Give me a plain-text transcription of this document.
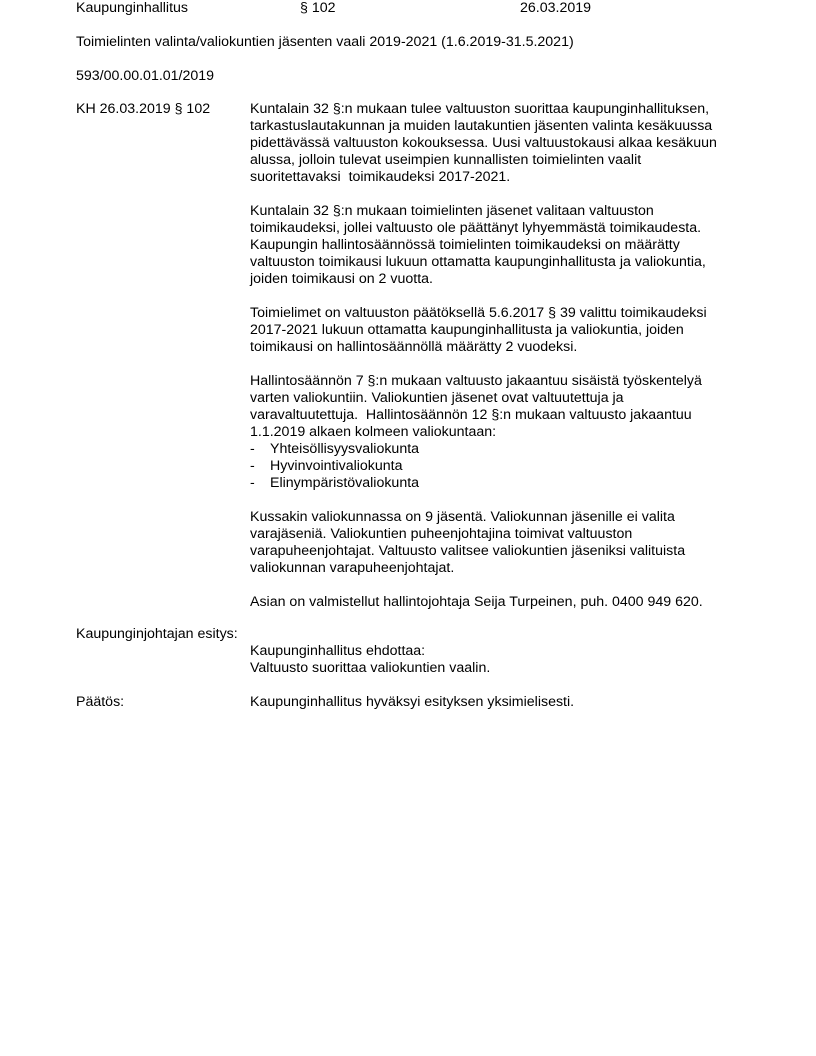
Kaupunginhallitus	§ 102	26.03.2019
Toimielinten valinta/valiokuntien jäsenten vaali 2019-2021 (1.6.2019-31.5.2021)
593/00.00.01.01/2019
KH 26.03.2019 § 102	Kuntalain 32 §:n mukaan tulee valtuuston suorittaa kaupunginhallituksen,
tarkastuslautakunnan ja muiden lautakuntien jäsenten valinta kesäkuussa
pidettävässä valtuuston kokouksessa. Uusi valtuustokausi alkaa kesäkuun
alussa, jolloin tulevat useimpien kunnallisten toimielinten vaalit
suoritettavaksi  toimikaudeksi 2017-2021.
Kuntalain 32 §:n mukaan toimielinten jäsenet valitaan valtuuston
toimikaudeksi, jollei valtuusto ole päättänyt lyhyemmästä toimikaudesta.
Kaupungin hallintosäännössä toimielinten toimikaudeksi on määrätty
valtuuston toimikausi lukuun ottamatta kaupunginhallitusta ja valiokuntia,
joiden toimikausi on 2 vuotta.
Toimielimet on valtuuston päätöksellä 5.6.2017 § 39 valittu toimikaudeksi
2017-2021 lukuun ottamatta kaupunginhallitusta ja valiokuntia, joiden
toimikausi on hallintosäännöllä määrätty 2 vuodeksi.
Hallintosäännön 7 §:n mukaan valtuusto jakaantuu sisäistä työskentelyä
varten valiokuntiin. Valiokuntien jäsenet ovat valtuutettuja ja
varavaltuutettuja.  Hallintosäännön 12 §:n mukaan valtuusto jakaantuu
1.1.2019 alkaen kolmeen valiokuntaan:
- Yhteisöllisyysvaliokunta
- Hyvinvointivaliokunta
- Elinympäristövaliokunta
Kussakin valiokunnassa on 9 jäsentä. Valiokunnan jäsenille ei valita
varajäseniä. Valiokuntien puheenjohtajina toimivat valtuuston
varapuheenjohtajat. Valtuusto valitsee valiokuntien jäseniksi valituista
valiokunnan varapuheenjohtajat.
Asian on valmistellut hallintojohtaja Seija Turpeinen, puh. 0400 949 620.
Kaupunginjohtajan esitys:
Kaupunginhallitus ehdottaa:
Valtuusto suorittaa valiokuntien vaalin.
Päätös:	Kaupunginhallitus hyväksyi esityksen yksimielisesti.
